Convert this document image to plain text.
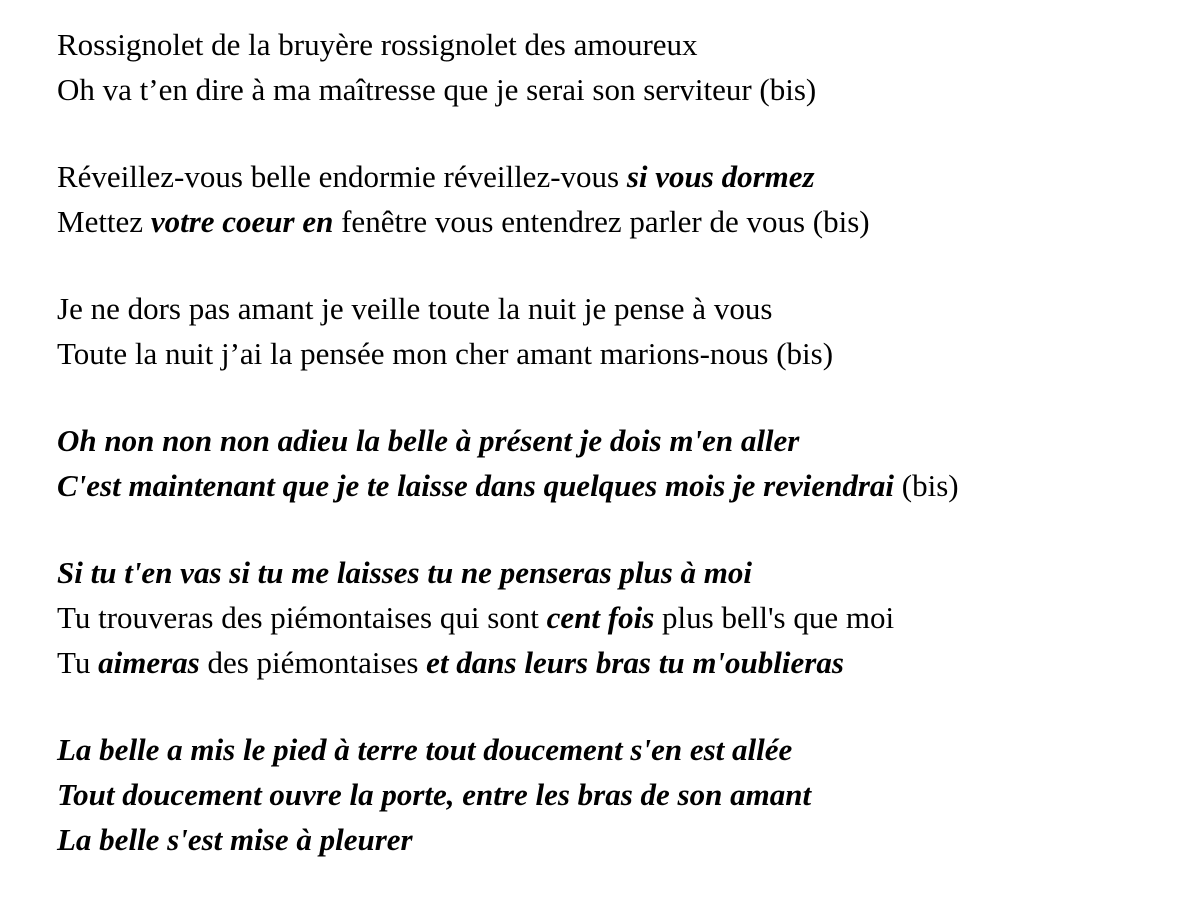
Rossignolet de la bruyère rossignolet des amoureux
Oh va t’en dire à ma maîtresse que je serai son serviteur (bis)
Réveillez-vous belle endormie réveillez-vous si vous dormez
Mettez votre coeur en fenêtre vous entendrez parler de vous (bis)
Je ne dors pas amant je veille toute la nuit je pense à vous
Toute la nuit j’ai la pensée mon cher amant marions-nous (bis)
Oh non non non adieu la belle à présent je dois m'en aller
C'est maintenant que je te laisse dans quelques mois je reviendrai (bis)
Si tu t'en vas si tu me laisses tu ne penseras plus à moi
Tu trouveras des piémontaises qui sont cent fois plus bell's que moi
Tu aimeras des piémontaises et dans leurs bras tu m'oublieras
La belle a mis le pied à terre tout doucement s'en est allée
Tout doucement ouvre la porte, entre les bras de son amant
La belle s'est mise à pleurer
